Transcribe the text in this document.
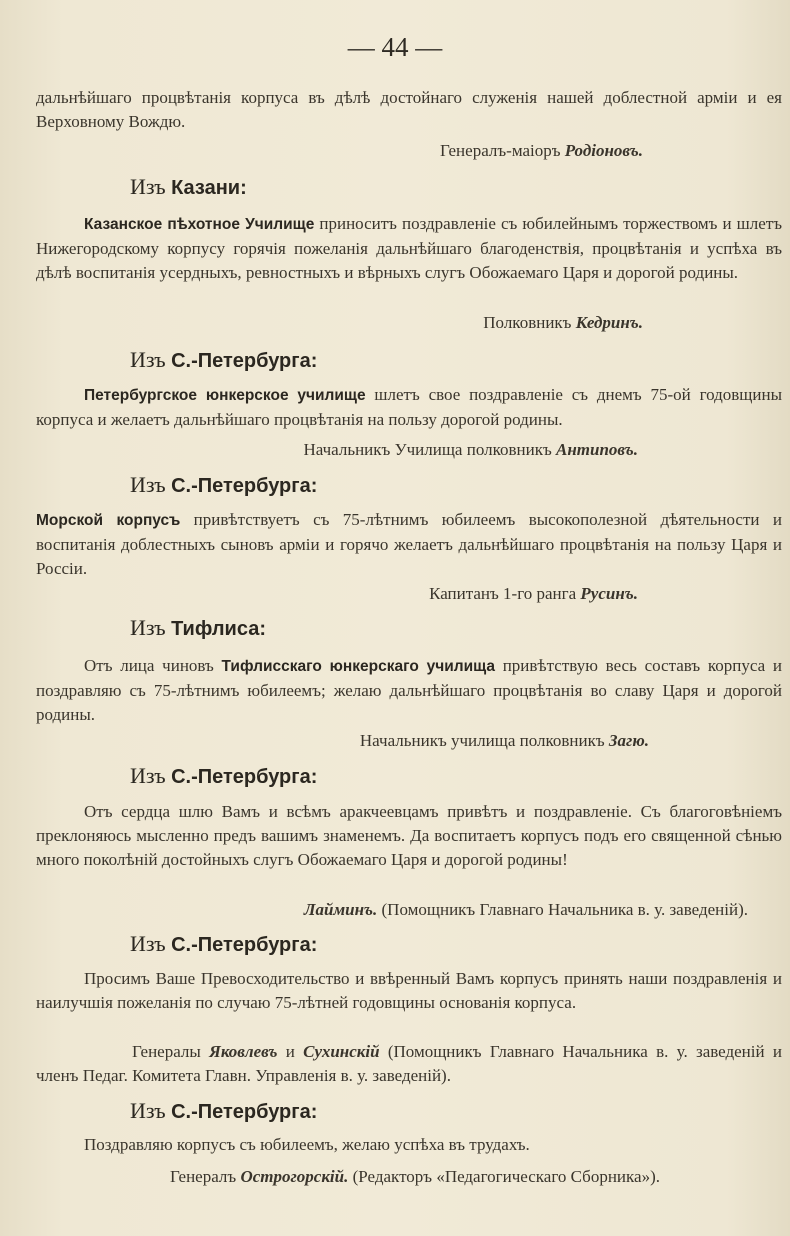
— 44 —

дальнѣйшаго процвѣтанія корпуса въ дѣлѣ достойнаго служенія нашей доблестной арміи и ея Верховному Вождю.

Генералъ-маіоръ Родіоновъ.

Изъ Казани:

Казанское пѣхотное Училище приноситъ поздравленіе съ юбилейнымъ торжествомъ и шлетъ Нижегородскому корпусу горячія пожеланія дальнѣйшаго благоденствія, процвѣтанія и успѣха въ дѣлѣ воспитанія усердныхъ, ревностныхъ и вѣрныхъ слугъ Обожаемаго Царя и дорогой родины.

Полковникъ Кедринъ.

Изъ С.-Петербурга:

Петербургское юнкерское училище шлетъ свое поздравленіе съ днемъ 75-ой годовщины корпуса и желаетъ дальнѣйшаго процвѣтанія на пользу дорогой родины.

Начальникъ Училища полковникъ Антиповъ.

Изъ С.-Петербурга:

Морской корпусъ привѣтствуетъ съ 75-лѣтнимъ юбилеемъ высокополезной дѣятельности и воспитанія доблестныхъ сыновъ арміи и горячо желаетъ дальнѣйшаго процвѣтанія на пользу Царя и Россіи.

Капитанъ 1-го ранга Русинъ.

Изъ Тифлиса:

Отъ лица чиновъ Тифлисскаго юнкерскаго училища привѣтствую весь составъ корпуса и поздравляю съ 75-лѣтнимъ юбилеемъ; желаю дальнѣйшаго процвѣтанія во славу Царя и дорогой родины.

Начальникъ училища полковникъ Загю.

Изъ С.-Петербурга:

Отъ сердца шлю Вамъ и всѣмъ аракчеевцамъ привѣтъ и поздравленіе. Съ благоговѣніемъ преклоняюсь мысленно предъ вашимъ знаменемъ. Да воспитаетъ корпусъ подъ его священной сѣнью много поколѣній достойныхъ слугъ Обожаемаго Царя и дорогой родины!

Лайминъ. (Помощникъ Главнаго Начальника в. у. заведеній).

Изъ С.-Петербурга:

Просимъ Ваше Превосходительство и ввѣренный Вамъ корпусъ принять наши поздравленія и наилучшія пожеланія по случаю 75-лѣтней годовщины основанія корпуса.

Генералы Яковлевъ и Сухинскій (Помощникъ Главнаго Начальника в. у. заведеній и членъ Педаг. Комитета Главн. Управленія в. у. заведеній).

Изъ С.-Петербурга:

Поздравляю корпусъ съ юбилеемъ, желаю успѣха въ трудахъ.

Генералъ Острогорскій. (Редакторъ «Педагогическаго Сборника»).
